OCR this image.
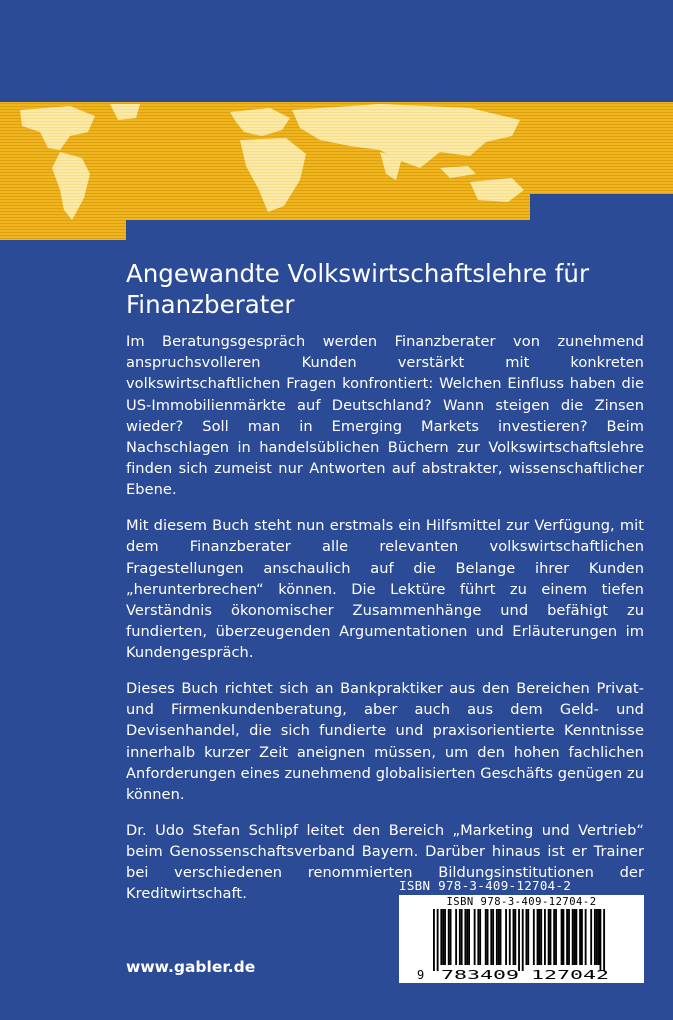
Angewandte Volkswirtschaftslehre für Finanzberater

Im Beratungsgespräch werden Finanzberater von zunehmend anspruchsvolleren Kunden verstärkt mit konkreten volkswirtschaftlichen Fragen konfrontiert: Welchen Einfluss haben die US-Immobilienmärkte auf Deutschland? Wann steigen die Zinsen wieder? Soll man in Emerging Markets investieren? Beim Nachschlagen in handelsüblichen Büchern zur Volkswirtschaftslehre finden sich zumeist nur Antworten auf abstrakter, wissenschaftlicher Ebene.

Mit diesem Buch steht nun erstmals ein Hilfsmittel zur Verfügung, mit dem Finanzberater alle relevanten volkswirtschaftlichen Fragestellungen anschaulich auf die Belange ihrer Kunden „herunterbrechen“ können. Die Lektüre führt zu einem tiefen Verständnis ökonomischer Zusammenhänge und befähigt zu fundierten, überzeugenden Argumentationen und Erläuterungen im Kundengespräch.

Dieses Buch richtet sich an Bankpraktiker aus den Bereichen Privat- und Firmenkundenberatung, aber auch aus dem Geld- und Devisenhandel, die sich fundierte und praxisorientierte Kenntnisse innerhalb kurzer Zeit aneignen müssen, um den hohen fachlichen Anforderungen eines zunehmend globalisierten Geschäfts genügen zu können.

Dr. Udo Stefan Schlipf leitet den Bereich „Marketing und Vertrieb“ beim Genossenschaftsverband Bayern. Darüber hinaus ist er Trainer bei verschiedenen renommierten Bildungsinstitutionen der Kreditwirtschaft.	ISBN 978-3-409-12704-2
ISBN 978-3-409-12704-2
9 783409 127042
www.gabler.de
